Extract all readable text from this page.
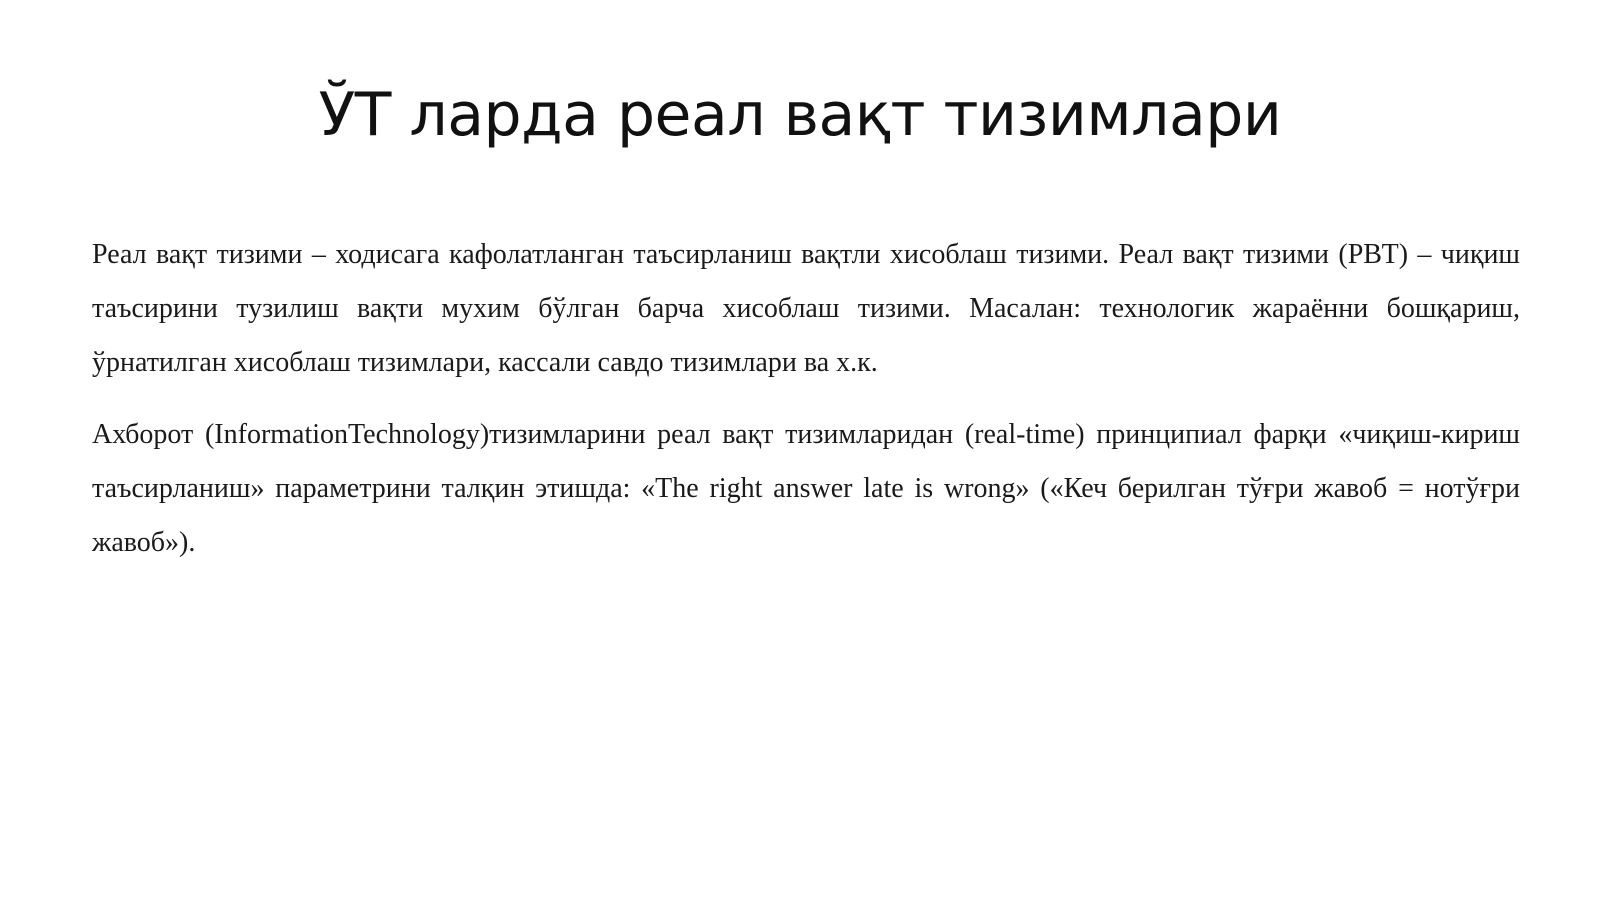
ЎТ ларда реал вақт тизимлари

Реал вақт тизими – ходисага кафолатланган таъсирланиш вақтли хисоблаш тизими. Реал вақт тизими (РВТ) – чиқиш таъсирини тузилиш вақти мухим бўлган барча хисоблаш тизими. Масалан: технологик жараённи бошқариш, ўрнатилган хисоблаш тизимлари, кассали савдо тизимлари ва х.к.

Ахборот (InformationTechnology)тизимларини реал вақт тизимларидан (real-time) принципиал фарқи «чиқиш-кириш таъсирланиш» параметрини талқин этишда: «The right answer late is wrong» («Кеч берилган тўғри жавоб = нотўғри жавоб»).
